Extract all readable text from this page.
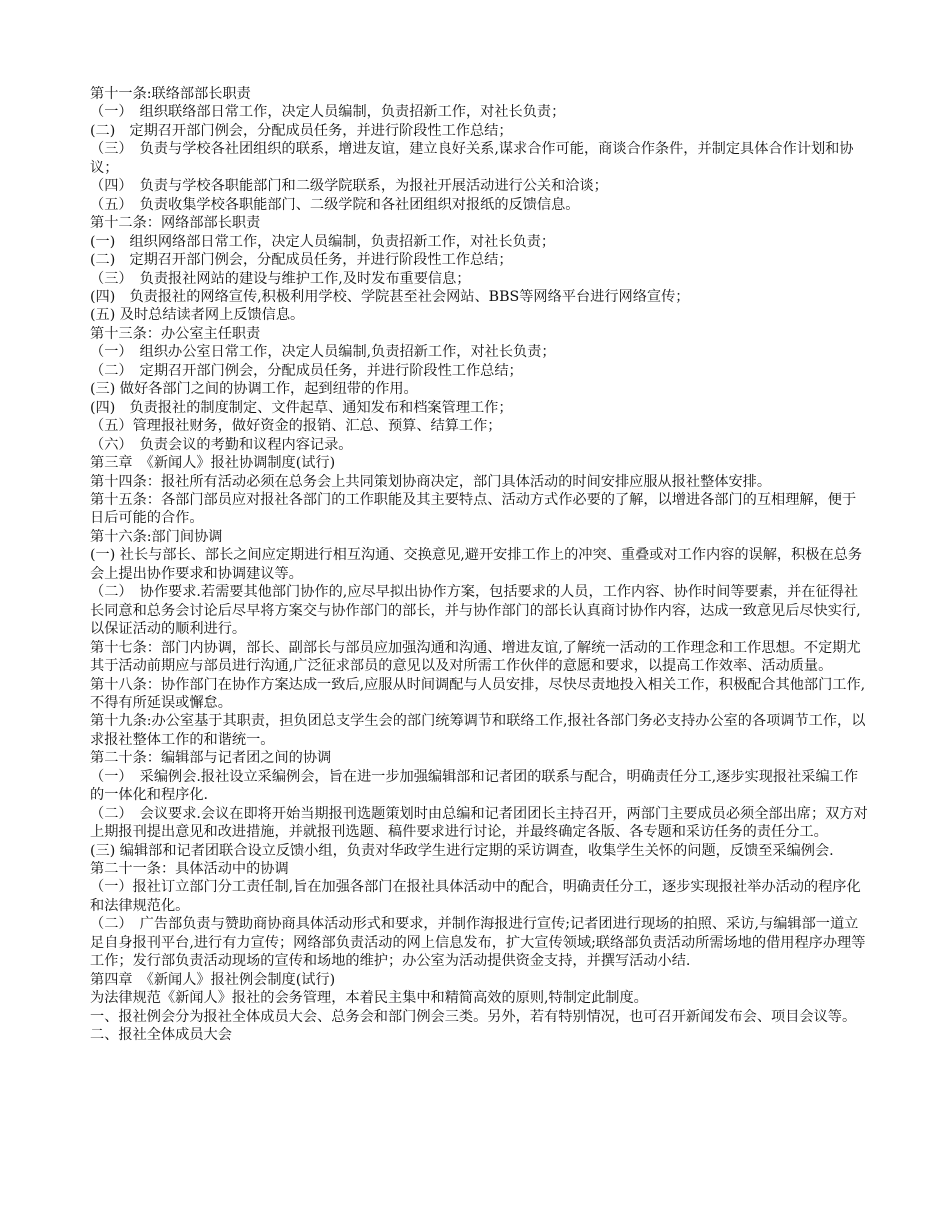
第十一条:联络部部长职责
（一）　组织联络部日常工作，决定人员编制，负责招新工作，对社长负责；
(二)　定期召开部门例会，分配成员任务，并进行阶段性工作总结；
（三）　负责与学校各社团组织的联系，增进友谊，建立良好关系,谋求合作可能，商谈合作条件，并制定具体合作计划和协议；
（四）　负责与学校各职能部门和二级学院联系，为报社开展活动进行公关和洽谈；
（五）　负责收集学校各职能部门、二级学院和各社团组织对报纸的反馈信息。
第十二条：网络部部长职责
(一)　组织网络部日常工作，决定人员编制，负责招新工作，对社长负责；
(二)　定期召开部门例会，分配成员任务，并进行阶段性工作总结；
（三）　负责报社网站的建设与维护工作,及时发布重要信息；
(四)　负责报社的网络宣传,积极利用学校、学院甚至社会网站、BBS等网络平台进行网络宣传；
(五) 及时总结读者网上反馈信息。
第十三条：办公室主任职责
（一）　组织办公室日常工作，决定人员编制,负责招新工作，对社长负责；
（二）　定期召开部门例会，分配成员任务，并进行阶段性工作总结；
(三) 做好各部门之间的协调工作，起到纽带的作用。
(四)　负责报社的制度制定、文件起草、通知发布和档案管理工作；
（五）管理报社财务，做好资金的报销、汇总、预算、结算工作；
（六）　负责会议的考勤和议程内容记录。
第三章　《新闻人》报社协调制度(试行)
第十四条：报社所有活动必须在总务会上共同策划协商决定，部门具体活动的时间安排应服从报社整体安排。
第十五条：各部门部员应对报社各部门的工作职能及其主要特点、活动方式作必要的了解，以增进各部门的互相理解，便于日后可能的合作。
第十六条:部门间协调
(一) 社长与部长、部长之间应定期进行相互沟通、交换意见,避开安排工作上的冲突、重叠或对工作内容的误解，积极在总务会上提出协作要求和协调建议等。
（二）　协作要求.若需要其他部门协作的,应尽早拟出协作方案，包括要求的人员，工作内容、协作时间等要素，并在征得社长同意和总务会讨论后尽早将方案交与协作部门的部长，并与协作部门的部长认真商讨协作内容，达成一致意见后尽快实行,以保证活动的顺利进行。
第十七条：部门内协调，部长、副部长与部员应加强沟通和沟通、增进友谊,了解统一活动的工作理念和工作思想。不定期尤其于活动前期应与部员进行沟通,广泛征求部员的意见以及对所需工作伙伴的意愿和要求，以提高工作效率、活动质量。
第十八条：协作部门在协作方案达成一致后,应服从时间调配与人员安排，尽快尽责地投入相关工作，积极配合其他部门工作,不得有所延误或懈怠。
第十九条:办公室基于其职责，担负团总支学生会的部门统筹调节和联络工作,报社各部门务必支持办公室的各项调节工作，以求报社整体工作的和谐统一。
第二十条：编辑部与记者团之间的协调
（一）　采编例会.报社设立采编例会，旨在进一步加强编辑部和记者团的联系与配合，明确责任分工,逐步实现报社采编工作的一体化和程序化.
（二）　会议要求.会议在即将开始当期报刊选题策划时由总编和记者团团长主持召开，两部门主要成员必须全部出席；双方对上期报刊提出意见和改进措施，并就报刊选题、稿件要求进行讨论，并最终确定各版、各专题和采访任务的责任分工。
(三) 编辑部和记者团联合设立反馈小组，负责对华政学生进行定期的采访调查，收集学生关怀的问题，反馈至采编例会.
第二十一条：具体活动中的协调
（一）报社订立部门分工责任制,旨在加强各部门在报社具体活动中的配合，明确责任分工，逐步实现报社举办活动的程序化和法律规范化。
（二）　广告部负责与赞助商协商具体活动形式和要求，并制作海报进行宣传;记者团进行现场的拍照、采访,与编辑部一道立足自身报刊平台,进行有力宣传；网络部负责活动的网上信息发布，扩大宣传领域;联络部负责活动所需场地的借用程序办理等工作；发行部负责活动现场的宣传和场地的维护；办公室为活动提供资金支持，并撰写活动小结.
第四章　《新闻人》报社例会制度(试行)
为法律规范《新闻人》报社的会务管理，本着民主集中和精简高效的原则,特制定此制度。
一、报社例会分为报社全体成员大会、总务会和部门例会三类。另外，若有特别情况，也可召开新闻发布会、项目会议等。
二、报社全体成员大会
